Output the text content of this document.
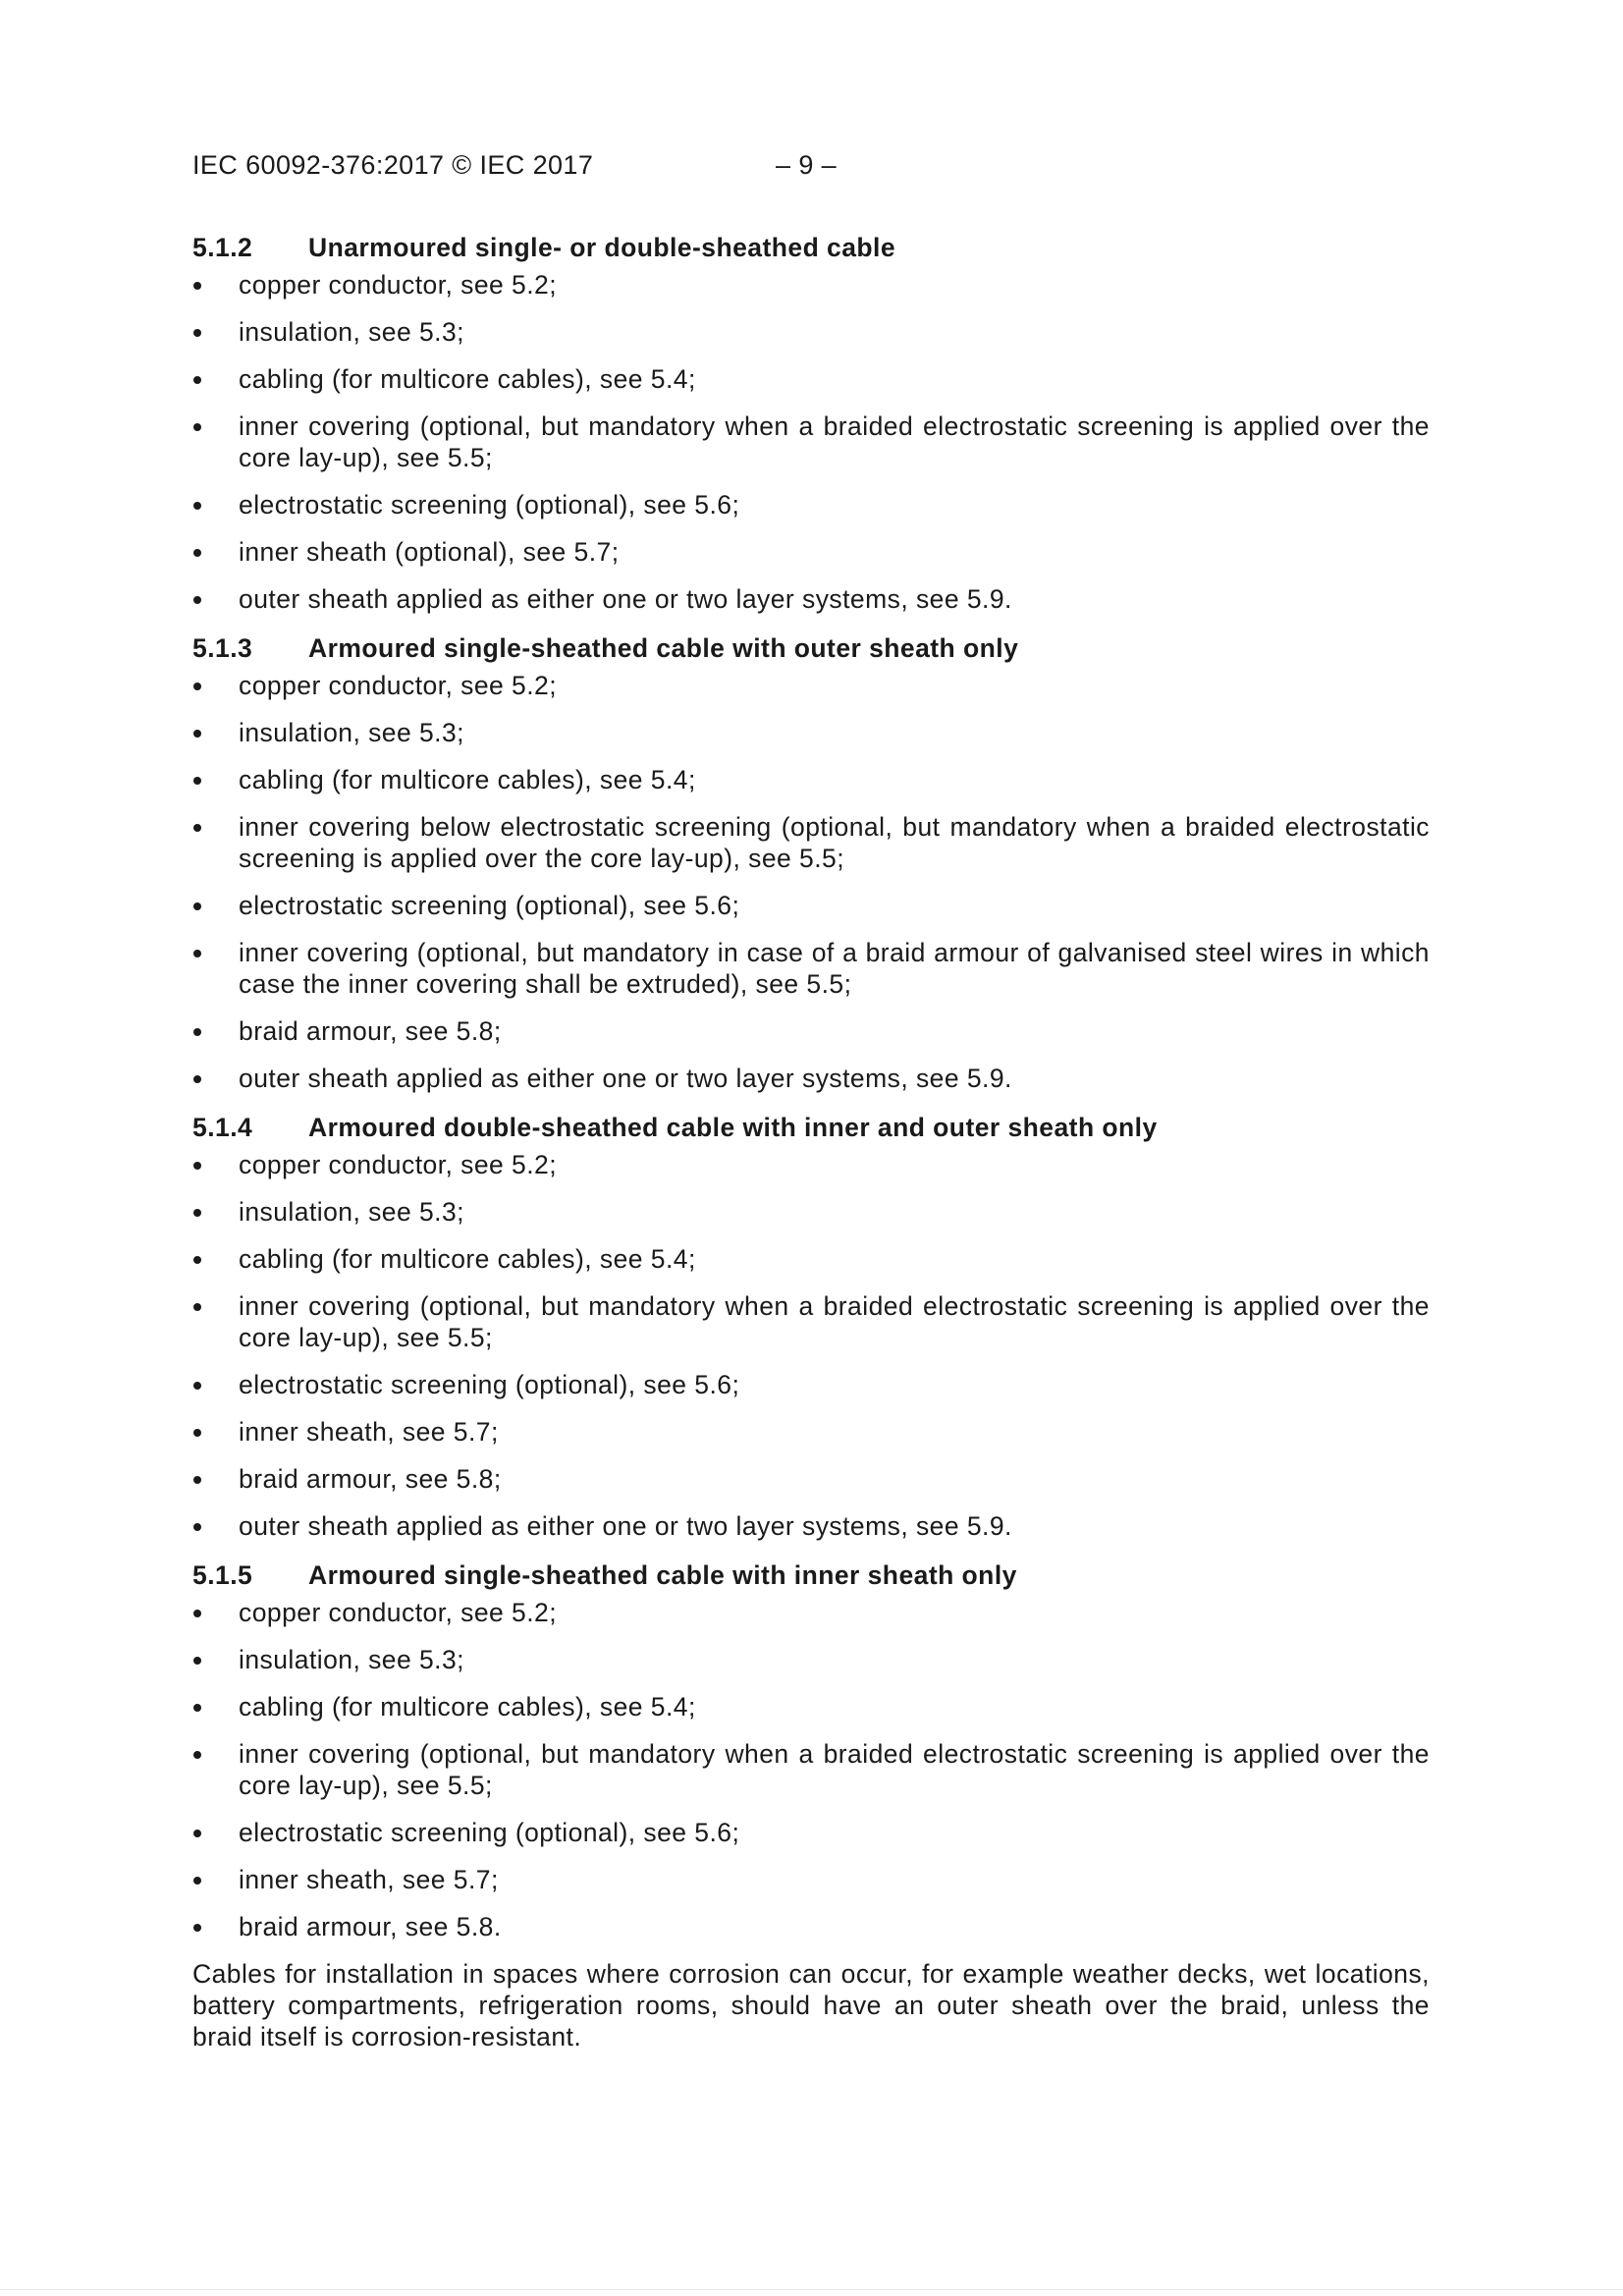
IEC 60092-376:2017 © IEC 2017	– 9 –
5.1.2	Unarmoured single- or double-sheathed cable
copper conductor, see 5.2;
insulation, see 5.3;
cabling (for multicore cables), see 5.4;
inner covering (optional, but mandatory when a braided electrostatic screening is applied over the core lay-up), see 5.5;
electrostatic screening (optional), see 5.6;
inner sheath (optional), see 5.7;
outer sheath applied as either one or two layer systems, see 5.9.
5.1.3	Armoured single-sheathed cable with outer sheath only
copper conductor, see 5.2;
insulation, see 5.3;
cabling (for multicore cables), see 5.4;
inner covering below electrostatic screening (optional, but mandatory when a braided electrostatic screening is applied over the core lay-up), see 5.5;
electrostatic screening (optional), see 5.6;
inner covering (optional, but mandatory in case of a braid armour of galvanised steel wires in which case the inner covering shall be extruded), see 5.5;
braid armour, see 5.8;
outer sheath applied as either one or two layer systems, see 5.9.
5.1.4	Armoured double-sheathed cable with inner and outer sheath only
copper conductor, see 5.2;
insulation, see 5.3;
cabling (for multicore cables), see 5.4;
inner covering (optional, but mandatory when a braided electrostatic screening is applied over the core lay-up), see 5.5;
electrostatic screening (optional), see 5.6;
inner sheath, see 5.7;
braid armour, see 5.8;
outer sheath applied as either one or two layer systems, see 5.9.
5.1.5	Armoured single-sheathed cable with inner sheath only
copper conductor, see 5.2;
insulation, see 5.3;
cabling (for multicore cables), see 5.4;
inner covering (optional, but mandatory when a braided electrostatic screening is applied over the core lay-up), see 5.5;
electrostatic screening (optional), see 5.6;
inner sheath, see 5.7;
braid armour, see 5.8.

Cables for installation in spaces where corrosion can occur, for example weather decks, wet locations, battery compartments, refrigeration rooms, should have an outer sheath over the braid, unless the braid itself is corrosion-resistant.
